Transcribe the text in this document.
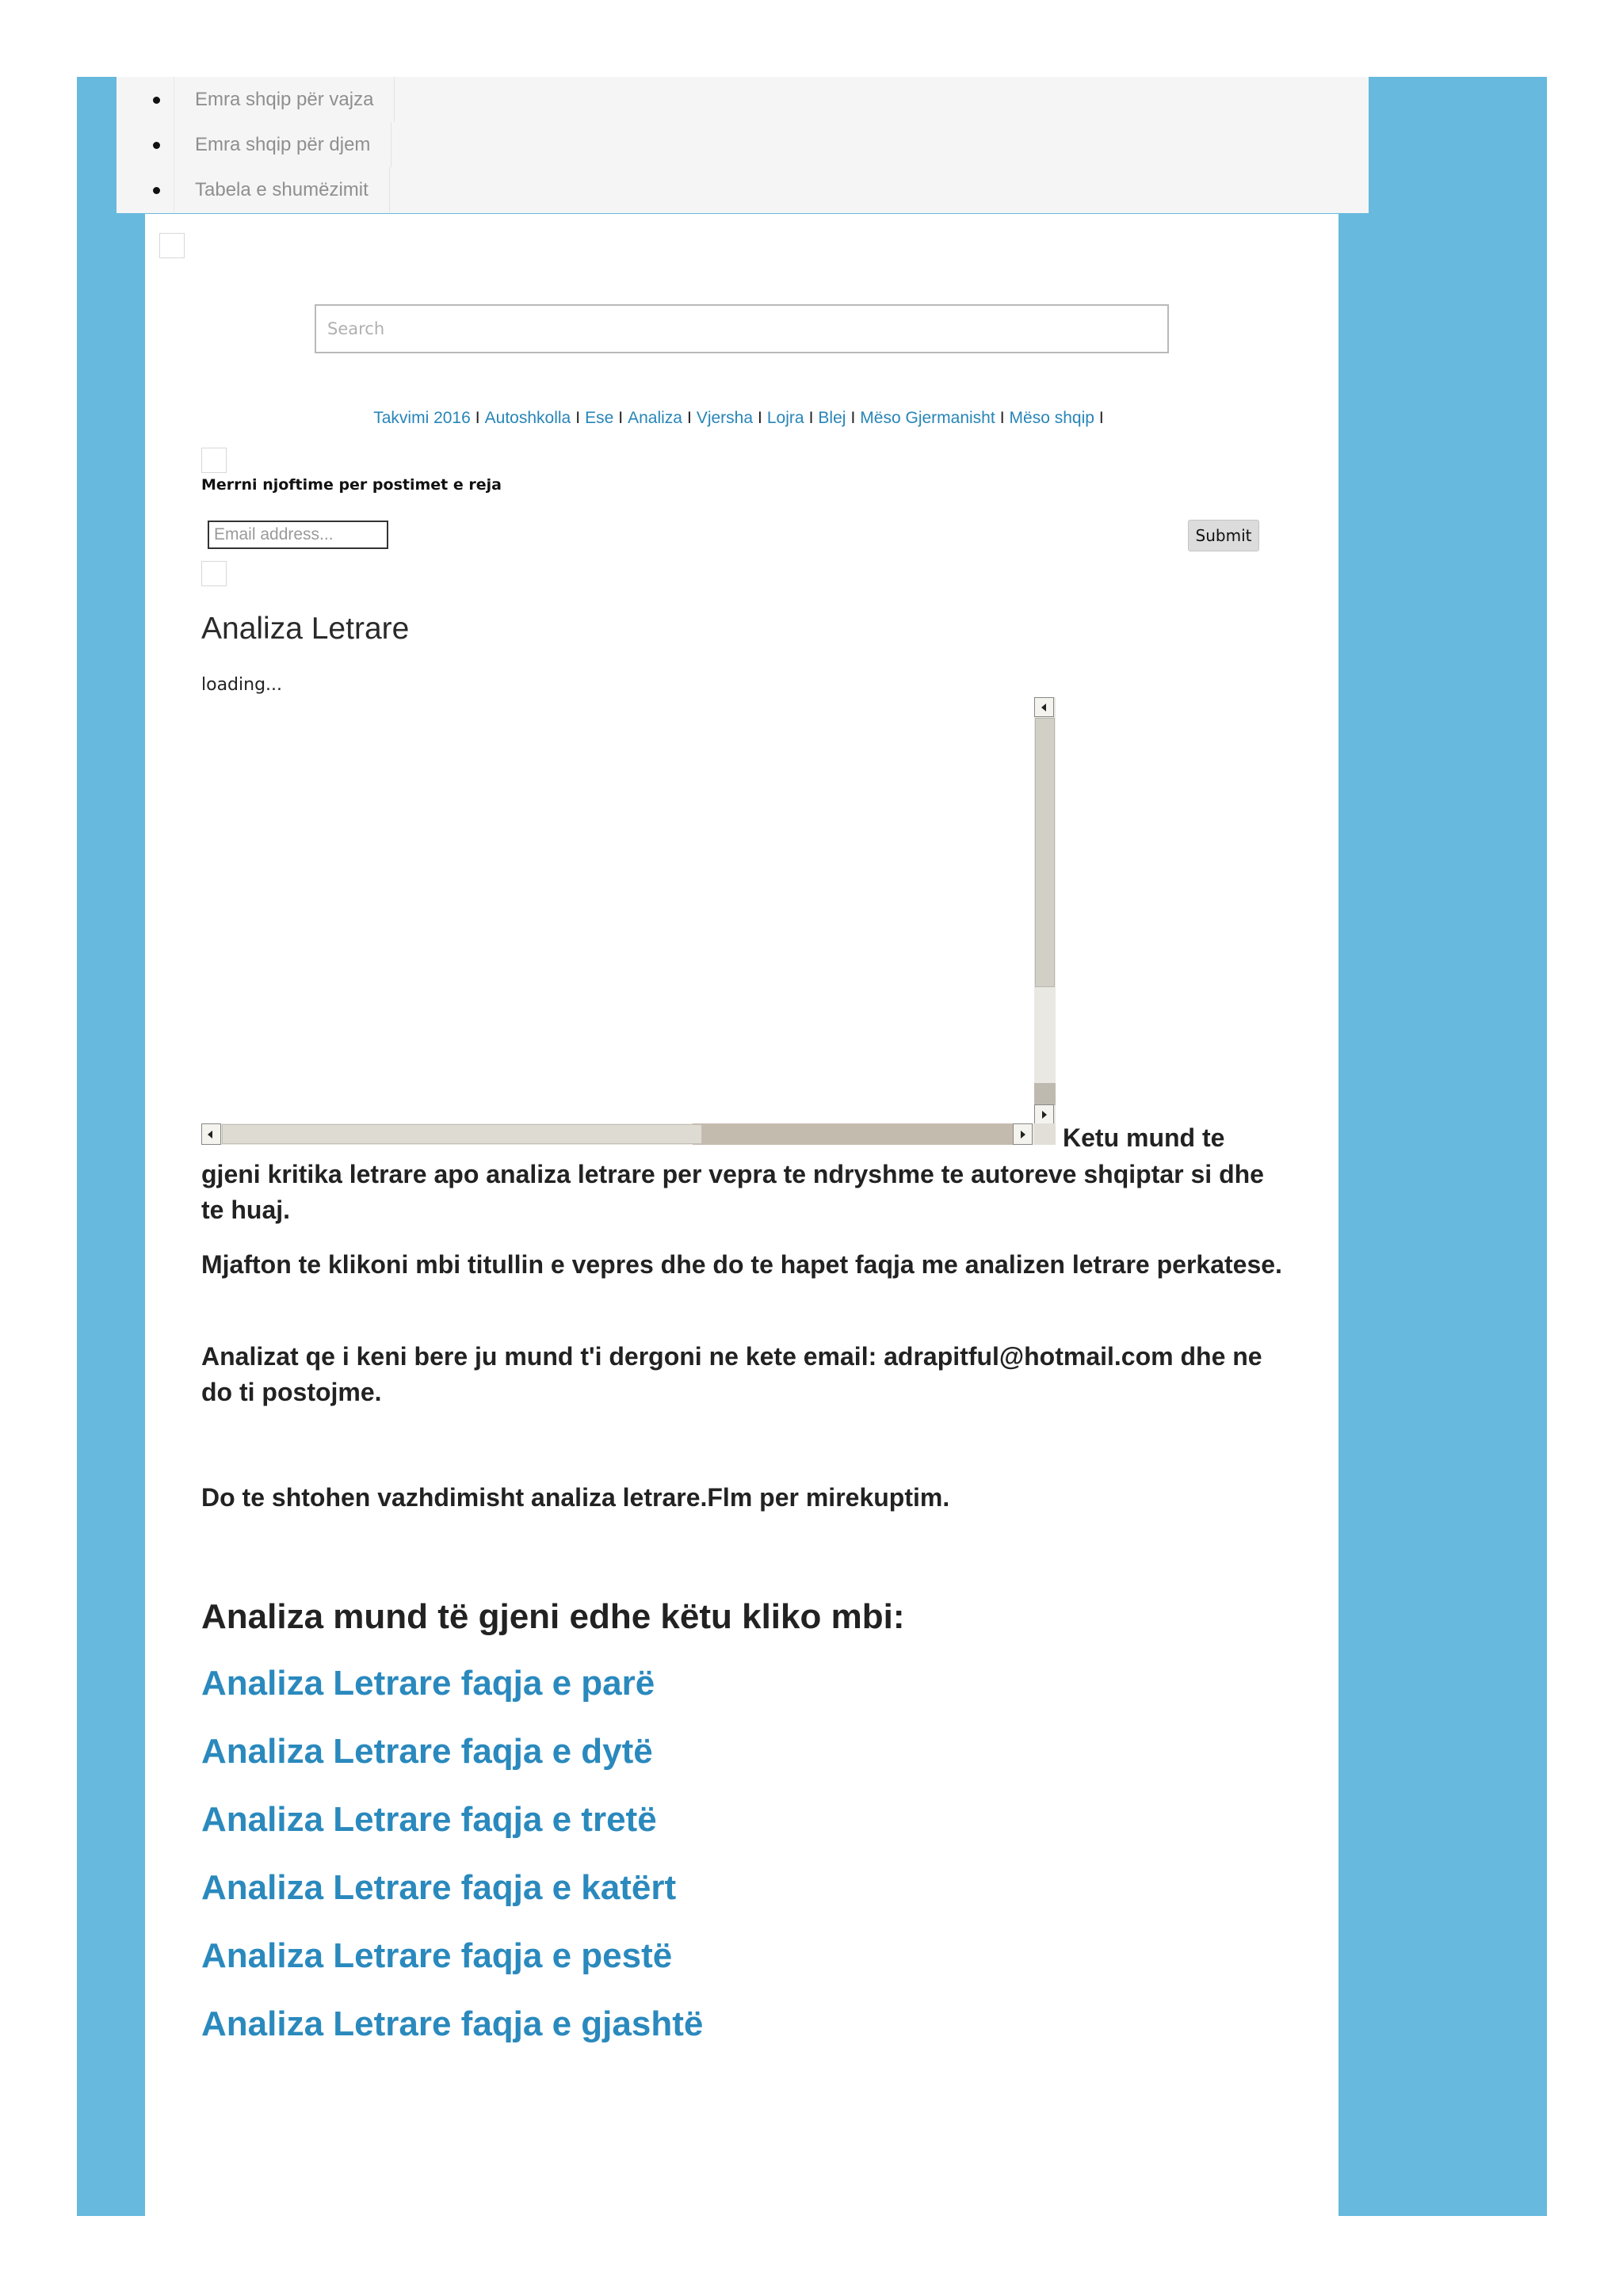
Emra shqip për vajza
Emra shqip për djem
Tabela e shumëzimit
Search
Takvimi 2016 I Autoshkolla I Ese I Analiza I Vjersha I Lojra I Blej I Mëso Gjermanisht I Mëso shqip I
Merrni njoftime per postimet e reja
Email address...
Submit
Analiza Letrare
loading...
Ketu mund te

gjeni kritika letrare apo analiza letrare per vepra te ndryshme te autoreve shqiptar si dhe te huaj.

Mjafton te klikoni mbi titullin e vepres dhe do te hapet faqja me analizen letrare perkatese.

Analizat qe i keni bere ju mund t'i dergoni ne kete email: adrapitful@hotmail.com dhe ne do ti postojme.

Do te shtohen vazhdimisht analiza letrare.Flm per mirekuptim.

Analiza mund të gjeni edhe këtu kliko mbi:
Analiza Letrare faqja e parë
Analiza Letrare faqja e dytë
Analiza Letrare faqja e tretë
Analiza Letrare faqja e katërt
Analiza Letrare faqja e pestë
Analiza Letrare faqja e gjashtë
